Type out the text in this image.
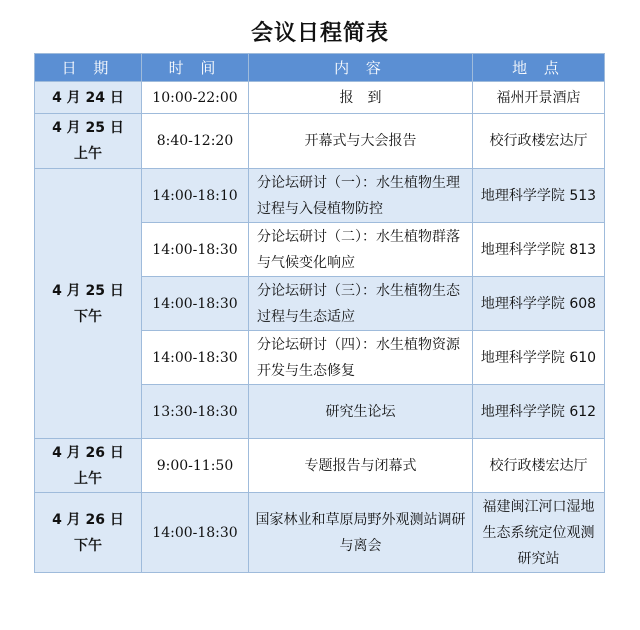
会议日程简表
日 期	时 间	内 容	地 点

4 月 24 日	10:00-22:00	报　到	福州开景酒店

4 月 25 日
上午	8:40-12:20	开幕式与大会报告	校行政楼宏达厅

4 月 25 日
下午	14:00-18:10	分论坛研讨（一）：水生植物生理过程与入侵植物防控	地理科学学院 513
	14:00-18:30	分论坛研讨（二）：水生植物群落与气候变化响应	地理科学学院 813
	14:00-18:30	分论坛研讨（三）：水生植物生态过程与生态适应	地理科学学院 608
	14:00-18:30	分论坛研讨（四）：水生植物资源开发与生态修复	地理科学学院 610
	13:30-18:30	研究生论坛	地理科学学院 612

4 月 26 日
上午	9:00-11:50	专题报告与闭幕式	校行政楼宏达厅

4 月 26 日
下午	14:00-18:30	国家林业和草原局野外观测站调研与离会	福建闽江河口湿地生态系统定位观测研究站
